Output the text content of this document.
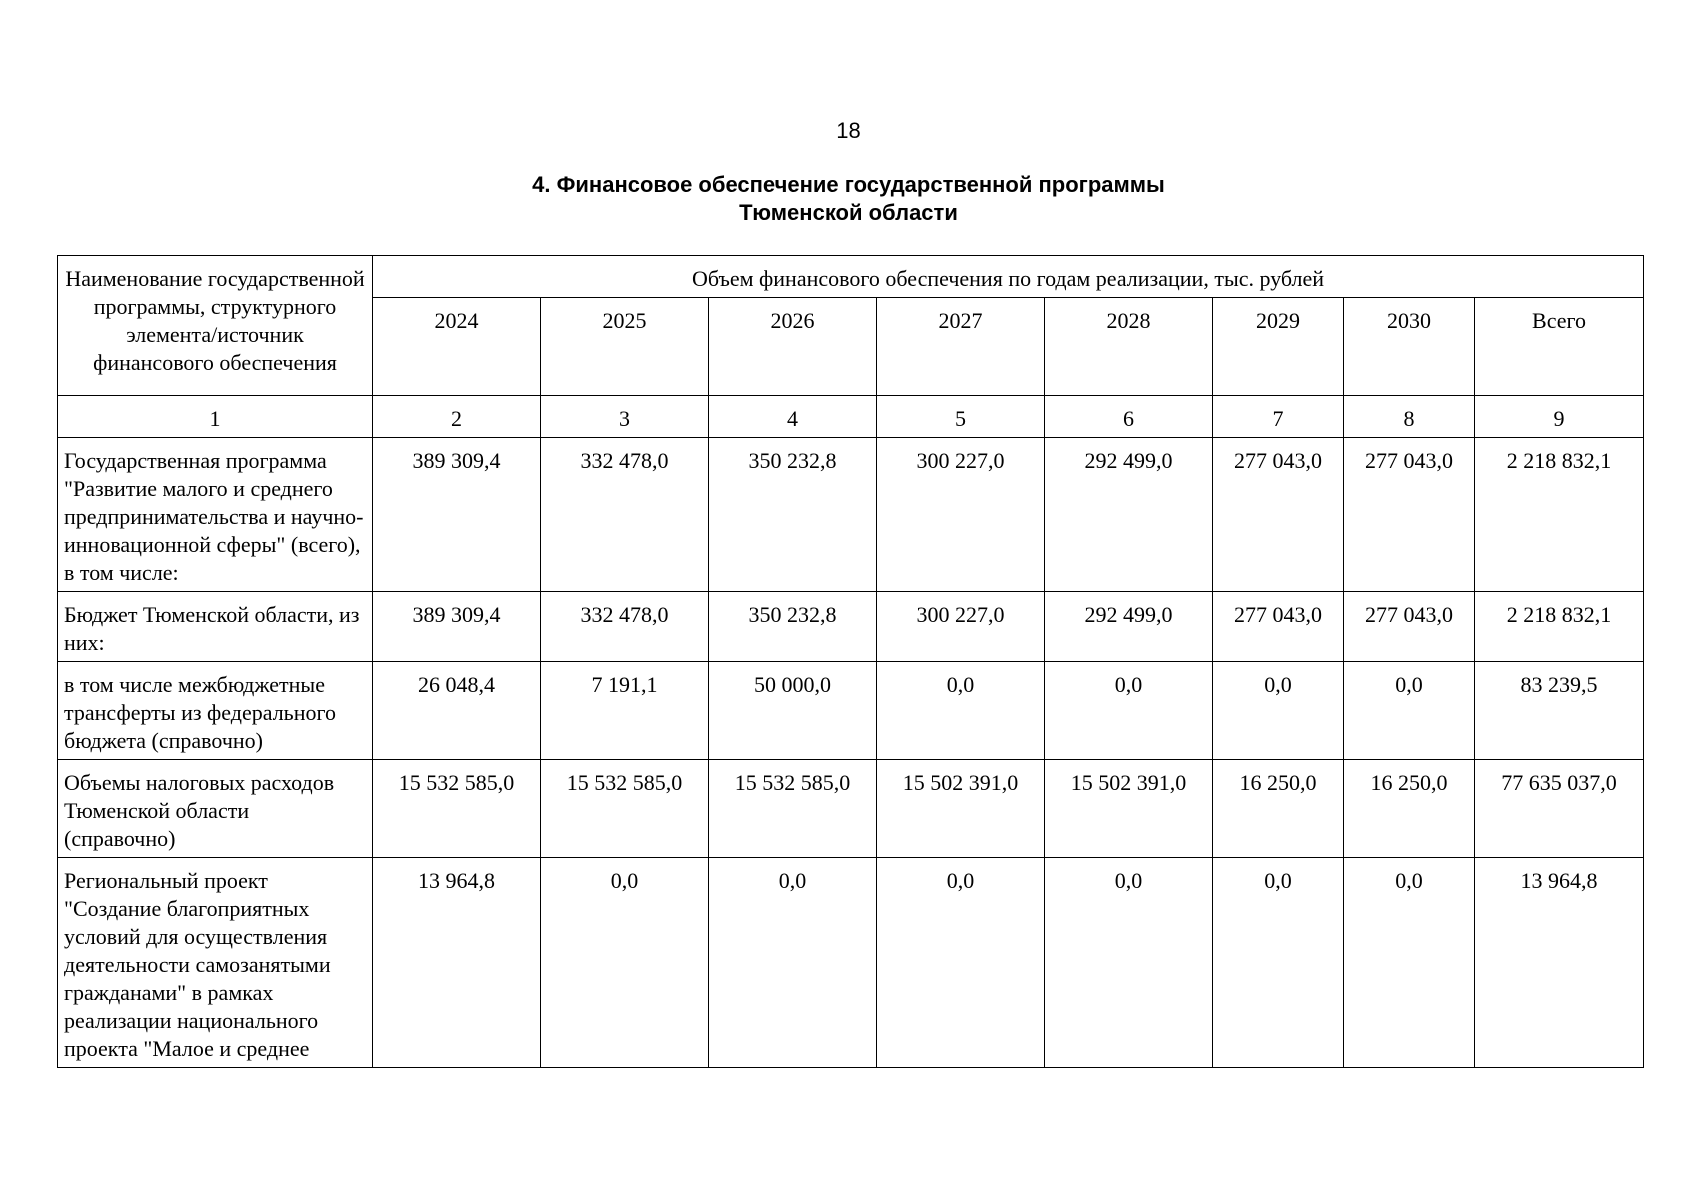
18
4. Финансовое обеспечение государственной программы
Тюменской области
Наименование государственной программы, структурного элемента/источник финансового обеспечения	Объем финансового обеспечения по годам реализации, тыс. рублей							
	2024	2025	2026	2027	2028	2029	2030	Всего
1	2	3	4	5	6	7	8	9
Государственная программа "Развитие малого и среднего предпринимательства и научно-инновационной сферы" (всего), в том числе:	389 309,4	332 478,0	350 232,8	300 227,0	292 499,0	277 043,0	277 043,0	2 218 832,1
Бюджет Тюменской области, из них:	389 309,4	332 478,0	350 232,8	300 227,0	292 499,0	277 043,0	277 043,0	2 218 832,1
в том числе межбюджетные трансферты из федерального бюджета (справочно)	26 048,4	7 191,1	50 000,0	0,0	0,0	0,0	0,0	83 239,5
Объемы налоговых расходов Тюменской области (справочно)	15 532 585,0	15 532 585,0	15 532 585,0	15 502 391,0	15 502 391,0	16 250,0	16 250,0	77 635 037,0
Региональный проект "Создание благоприятных условий для осуществления деятельности самозанятыми гражданами" в рамках реализации национального проекта "Малое и среднее	13 964,8	0,0	0,0	0,0	0,0	0,0	0,0	13 964,8
